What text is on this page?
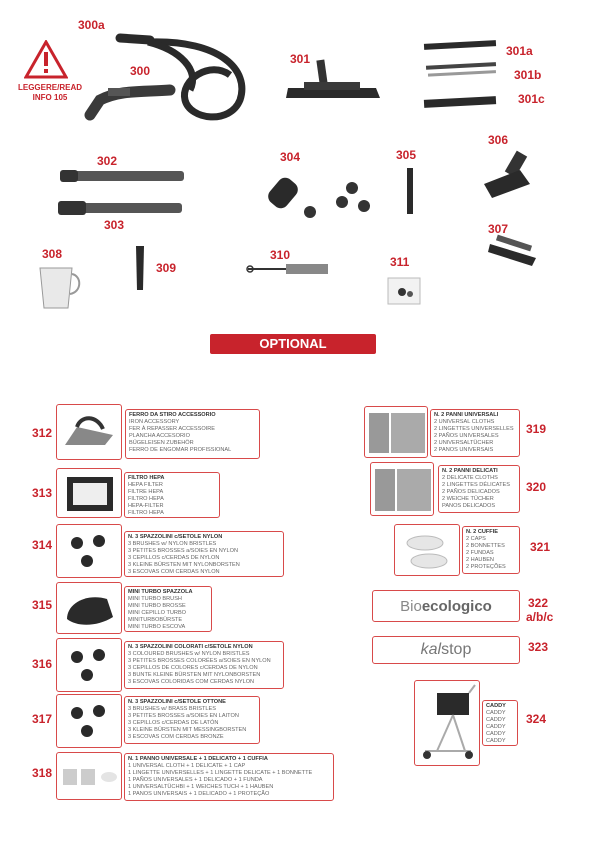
LEGGERE/READ
INFO 105
300a
300
301
301a
301b
301c
302
303
304	305
306
307
308
309
310	311
OPTIONAL
312
FERRO DA STIRO ACCESSORIO
IRON ACCESSORY
FER À REPASSER ACCESSOIRE
PLANCHA ACCESORIO
BÜGELEISEN ZUBEHÖR
FERRO DE ENGOMAR PROFISSIONAL
313
FILTRO HEPA
HEPA FILTER
FILTRE HEPA
FILTRO HEPA
HEPA-FILTER
FILTRO HEPA
314
N. 3 SPAZZOLINI c/SETOLE NYLON
3 BRUSHES w/ NYLON BRISTLES
3 PETITES BROSSES a/SOIES EN NYLON
3 CEPILLOS c/CERDAS DE NYLON
3 KLEINE BÜRSTEN MIT NYLONBORSTEN
3 ESCOVAS COM CERDAS NYLON
315
MINI TURBO SPAZZOLA
MINI TURBO BRUSH
MINI TURBO BROSSE
MINI CEPILLO TURBO
MINITURBOBÜRSTE
MINI TURBO ESCOVA
316
N. 3 SPAZZOLINI COLORATI c/SETOLE NYLON
3 COLOURED BRUSHES w/ NYLON BRISTLES
3 PETITES BROSSES COLORÉES a/SOIES EN NYLON
3 CEPILLOS DE COLORES c/CERDAS DE NYLON
3 BUNTE KLEINE BÜRSTEN MIT NYLONBORSTEN
3 ESCOVAS COLORIDAS COM CERDAS NYLON
317
N. 3 SPAZZOLINI c/SETOLE OTTONE
3 BRUSHES w/ BRASS BRISTLES
3 PETITES BROSSES a/SOIES EN LAITON
3 CEPILLOS c/CERDAS DE LATÓN
3 KLEINE BÜRSTEN MIT MESSINGBORSTEN
3 ESCOVAS COM CERDAS BRONZE
318
N. 1 PANNO UNIVERSALE + 1 DELICATO + 1 CUFFIA
1 UNIVERSAL CLOTH + 1 DELICATE + 1 CAP
1 LINGETTE UNIVERSELLES + 1 LINGETTE DELICATE + 1 BONNETTE
1 PAÑOS UNIVERSALES + 1 DELICADO + 1 FUNDA
1 UNIVERSALTÜCHBI + 1 WEICHES TUCH + 1 HAUBEN
1 PANOS UNIVERSAIS + 1 DELICADO + 1 PROTEÇÃO
N. 2 PANNI UNIVERSALI
2 UNIVERSAL CLOTHS
2 LINGETTES UNIVERSELLES
2 PAÑOS UNIVERSALES
2 UNIVERSALTÜCHER
2 PANOS UNIVERSAIS
319
N. 2 PANNI DELICATI
2 DELICATE CLOTHS
2 LINGETTES DÉLICATES
2 PAÑOS DELICADOS
2 WEICHE TÜCHER
PANOS DELICADOS
320
N. 2 CUFFIE
2 CAPS
2 BONNETTES
2 FUNDAS
2 HAUBEN
2 PROTEÇÕES
321
Bio ecologico	322
a/b/c
kal stop	323
CADDY
CADDY
CADDY
CADDY
CADDY
CADDY
324
